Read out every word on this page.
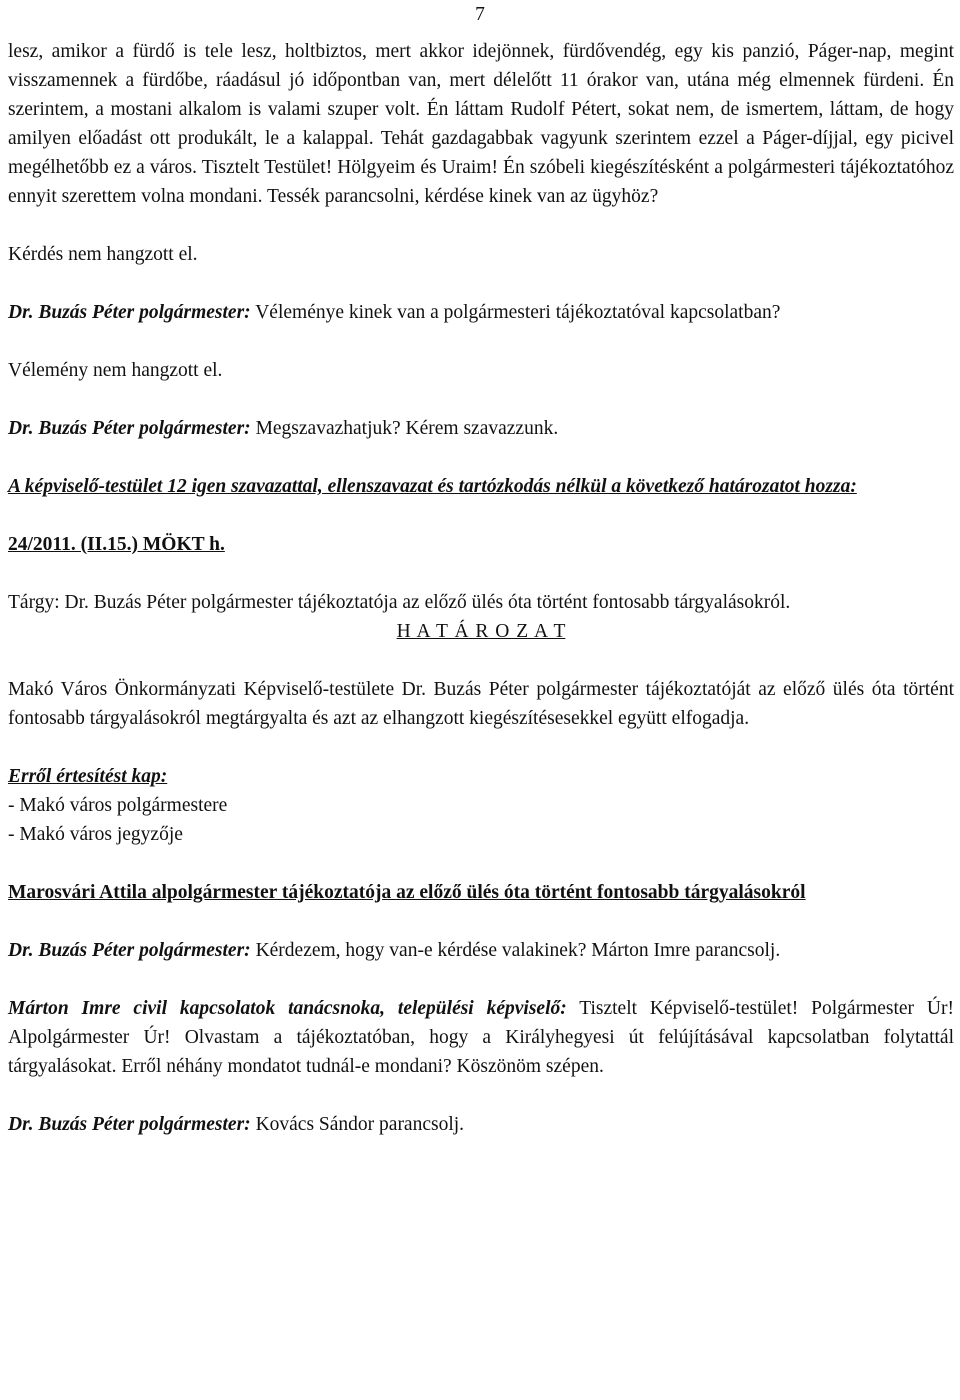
7

lesz, amikor a fürdő is tele lesz, holtbiztos, mert akkor idejönnek, fürdővendég, egy kis panzió, Páger-nap, megint visszamennek a fürdőbe, ráadásul jó időpontban van, mert délelőtt 11 órakor van, utána még elmennek fürdeni. Én szerintem, a mostani alkalom is valami szuper volt. Én láttam Rudolf Pétert, sokat nem, de ismertem, láttam, de hogy amilyen előadást ott produkált, le a kalappal. Tehát gazdagabbak vagyunk szerintem ezzel a Páger-díjjal, egy picivel megélhetőbb ez a város. Tisztelt Testület! Hölgyeim és Uraim! Én szóbeli kiegészítésként a polgármesteri tájékoztatóhoz ennyit szerettem volna mondani. Tessék parancsolni, kérdése kinek van az ügyhöz?

Kérdés nem hangzott el.

Dr. Buzás Péter polgármester: Véleménye kinek van a polgármesteri tájékoztatóval kapcsolatban?

Vélemény nem hangzott el.

Dr. Buzás Péter polgármester: Megszavazhatjuk? Kérem szavazzunk.

A képviselő-testület 12 igen szavazattal, ellenszavazat és tartózkodás nélkül a következő határozatot hozza:

24/2011. (II.15.) MÖKT h.

Tárgy: Dr. Buzás Péter polgármester tájékoztatója az előző ülés óta történt fontosabb tárgyalásokról.

H A T Á R O Z A T

Makó Város Önkormányzati Képviselő-testülete Dr. Buzás Péter polgármester tájékoztatóját az előző ülés óta történt fontosabb tárgyalásokról megtárgyalta és azt az elhangzott kiegészítésesekkel együtt elfogadja.

Erről értesítést kap:

- Makó város polgármestere

- Makó város jegyzője

Marosvári Attila alpolgármester tájékoztatója az előző ülés óta történt fontosabb tárgyalásokról

Dr. Buzás Péter polgármester: Kérdezem, hogy van-e kérdése valakinek? Márton Imre parancsolj.

Márton Imre civil kapcsolatok tanácsnoka, települési képviselő: Tisztelt Képviselő-testület! Polgármester Úr! Alpolgármester Úr! Olvastam a tájékoztatóban, hogy a Királyhegyesi út felújításával kapcsolatban folytattál tárgyalásokat. Erről néhány mondatot tudnál-e mondani? Köszönöm szépen.

Dr. Buzás Péter polgármester: Kovács Sándor parancsolj.
